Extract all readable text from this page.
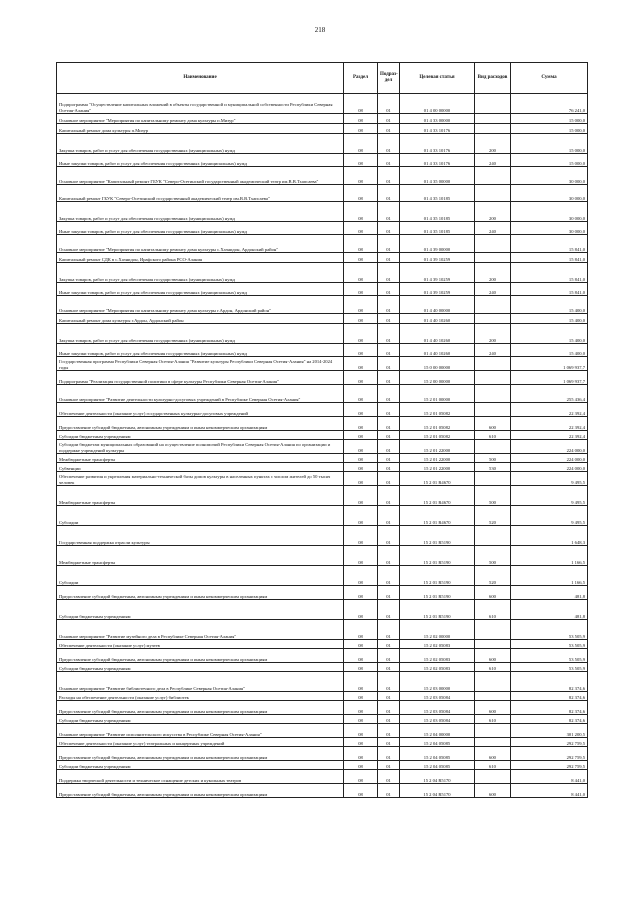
218
Наименование	Раздел	Подраз-дел	Целевая статья	Вид расходов	Сумма
Подпрограмма "Осуществление капитальных вложений в объекты государственной и муниципальной собственности Республики Северная Осетия-Алания"	08	01	01 4 00 00000		76 241,0
Основное мероприятие "Мероприятия по капитальному ремонту дома культуры п.Мизур"	08	01	01 4 33 00000		15 000,0
Капитальный ремонт дома культуры п.Мизур	08	01	01 4 33 10176		15 000,0
Закупка товаров, работ и услуг для обеспечения государственных (муниципальных) нужд	08	01	01 4 33 10176	200	15 000,0
Иные закупки товаров, работ и услуг для обеспечения государственных (муниципальных) нужд	08	01	01 4 33 10176	240	15 000,0
Основное мероприятие "Капитальный ремонт ГБУК "Северо-Осетинский государственный академический театр им.В.В.Тхапсаева"	08	01	01 4 35 00000		30 000,0
Капитальный ремонт ГБУК "Северо-Осетинский государственный академический театр им.В.В.Тхапсаева"	08	01	01 4 35 10185		30 000,0
Закупка товаров, работ и услуг для обеспечения государственных (муниципальных) нужд	08	01	01 4 35 10185	200	30 000,0
Иные закупки товаров, работ и услуг для обеспечения государственных (муниципальных) нужд	08	01	01 4 35 10185	240	30 000,0
Основное мероприятие "Мероприятия по капитальному ремонту дома культуры с.Хазнидон, Ардонский район"	08	01	01 4 39 00000		15 841,0
Капитальный ремонт СДК в с.Хазнидон, Ирафского района РСО-Алания	08	01	01 4 39 10259		15 841,0
Закупка товаров, работ и услуг для обеспечения государственных (муниципальных) нужд	08	01	01 4 39 10259	200	15 841,0
Иные закупки товаров, работ и услуг для обеспечения государственных (муниципальных) нужд	08	01	01 4 39 10259	240	15 841,0
Основное мероприятие "Мероприятия по капитальному ремонту дома культуры г.Ардон, Ардонский район"	08	01	01 4 40 00000		15 400,0
Капитальный ремонт дома культуры г.Ардон, Ардонский район	08	01	01 4 40 10260		15 400,0
Закупка товаров, работ и услуг для обеспечения государственных (муниципальных) нужд	08	01	01 4 40 10260	200	15 400,0
Иные закупки товаров, работ и услуг для обеспечения государственных (муниципальных) нужд	08	01	01 4 40 10260	240	15 400,0
Государственная программа Республики Северная Осетия-Алания "Развитие культуры Республики Северная Осетия-Алания" на 2014-2024 годы	08	01	15 0 00 00000		1 069 937,7
Подпрограмма "Реализация государственной политики в сфере культуры Республики Северная Осетия-Алания"	08	01	15 2 00 00000		1 069 937,7
Основное мероприятие "Развитие деятельности культурно-досуговых учреждений в Республике Северная Осетия-Алания"	08	01	15 2 01 00000		255 436,4
Обеспечение деятельности (оказание услуг) государственных культурно-досуговых учреждений	08	01	15 2 01 05082		22 392,4
Предоставление субсидий бюджетным, автономным учреждениям и иным некоммерческим организациям	08	01	15 2 01 05082	600	22 392,4
Субсидии бюджетным учреждениям	08	01	15 2 01 05082	610	22 392,4
Субсидии бюджетам муниципальных образований на осуществление полномочий Республики Северная Осетия-Алания по организации и поддержке учреждений культуры	08	01	15 2 01 22000		224 000,0
Межбюджетные трансферты	08	01	15 2 01 22000	500	224 000,0
Субвенции	08	01	15 2 01 22000	530	224 000,0
Обеспечение развития и укрепления материально-технической базы домов культуры в населенных пунктах с числом жителей до 50 тысяч человек	08	01	15 2 01 R4670		9 495,5
Межбюджетные трансферты	08	01	15 2 01 R4670	500	9 495,5
Субсидии	08	01	15 2 01 R4670	520	9 495,5
Государственная поддержка отрасли культуры	08	01	15 2 01 R5190		1 648,3
Межбюджетные трансферты	08	01	15 2 01 R5190	500	1 166,5
Субсидии	08	01	15 2 01 R5190	520	1 166,5
Предоставление субсидий бюджетным, автономным учреждениям и иным некоммерческим организациям	08	01	15 2 01 R5190	600	481,8
Субсидии бюджетным учреждениям	08	01	15 2 01 R5190	610	481,8
Основное мероприятие "Развитие музейного дела в Республике Северная Осетия-Алания"	08	01	15 2 02 00000		53 505,9
Обеспечение деятельности (оказание услуг) музеев	08	01	15 2 02 05083		53 505,9
Предоставление субсидий бюджетным, автономным учреждениям и иным некоммерческим организациям	08	01	15 2 02 05083	600	53 505,9
Субсидии бюджетным учреждениям	08	01	15 2 02 05083	610	53 505,9
Основное мероприятие "Развитие библиотечного дела в Республике Северная Осетия-Алания"	08	01	15 2 03 00000		82 374,6
Расходы на обеспечение деятельности (оказание услуг) библиотек	08	01	15 2 03 05084		82 374,6
Предоставление субсидий бюджетным, автономным учреждениям и иным некоммерческим организациям	08	01	15 2 03 05084	600	82 374,6
Субсидии бюджетным учреждениям	08	01	15 2 03 05084	610	82 374,6
Основное мероприятие "Развитие исполнительского искусства в Республике Северная Осетия-Алания"	08	01	15 2 04 00000		301 200,5
Обеспечение деятельности (оказание услуг) театральных и концертных учреждений	08	01	15 2 04 05085		292 759,5
Предоставление субсидий бюджетным, автономным учреждениям и иным некоммерческим организациям	08	01	15 2 04 05085	600	292 759,5
Субсидии бюджетным учреждениям	08	01	15 2 04 05085	610	292 759,5
Поддержка творческой деятельности и техническое оснащение детских и кукольных театров	08	01	15 2 04 R5170		8 441,0
Предоставление субсидий бюджетным, автономным учреждениям и иным некоммерческим организациям	08	01	15 2 04 R5170	600	8 441,0
